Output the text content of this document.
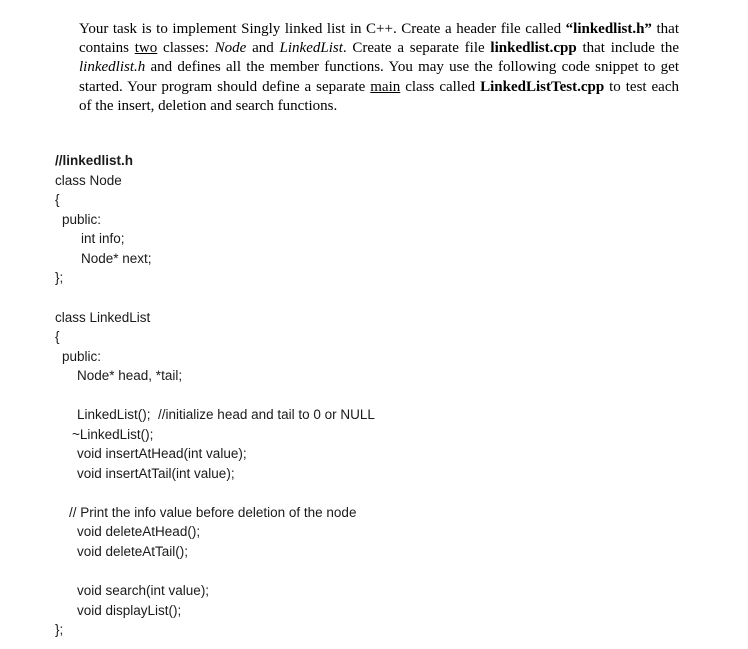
Your task is to implement Singly linked list in C++. Create a header file called “linkedlist.h” that contains two classes: Node and LinkedList. Create a separate file linkedlist.cpp that include the linkedlist.h and defines all the member functions. You may use the following code snippet to get started. Your program should define a separate main class called LinkedListTest.cpp to test each of the insert, deletion and search functions.
//linkedlist.h
class Node
{
public:
int info;
Node* next;
};
class LinkedList
{
public:
Node* head, *tail;
LinkedList();  //initialize head and tail to 0 or NULL
~LinkedList();
void insertAtHead(int value);
void insertAtTail(int value);
// Print the info value before deletion of the node
void deleteAtHead();
void deleteAtTail();
void search(int value);
void displayList();
};
